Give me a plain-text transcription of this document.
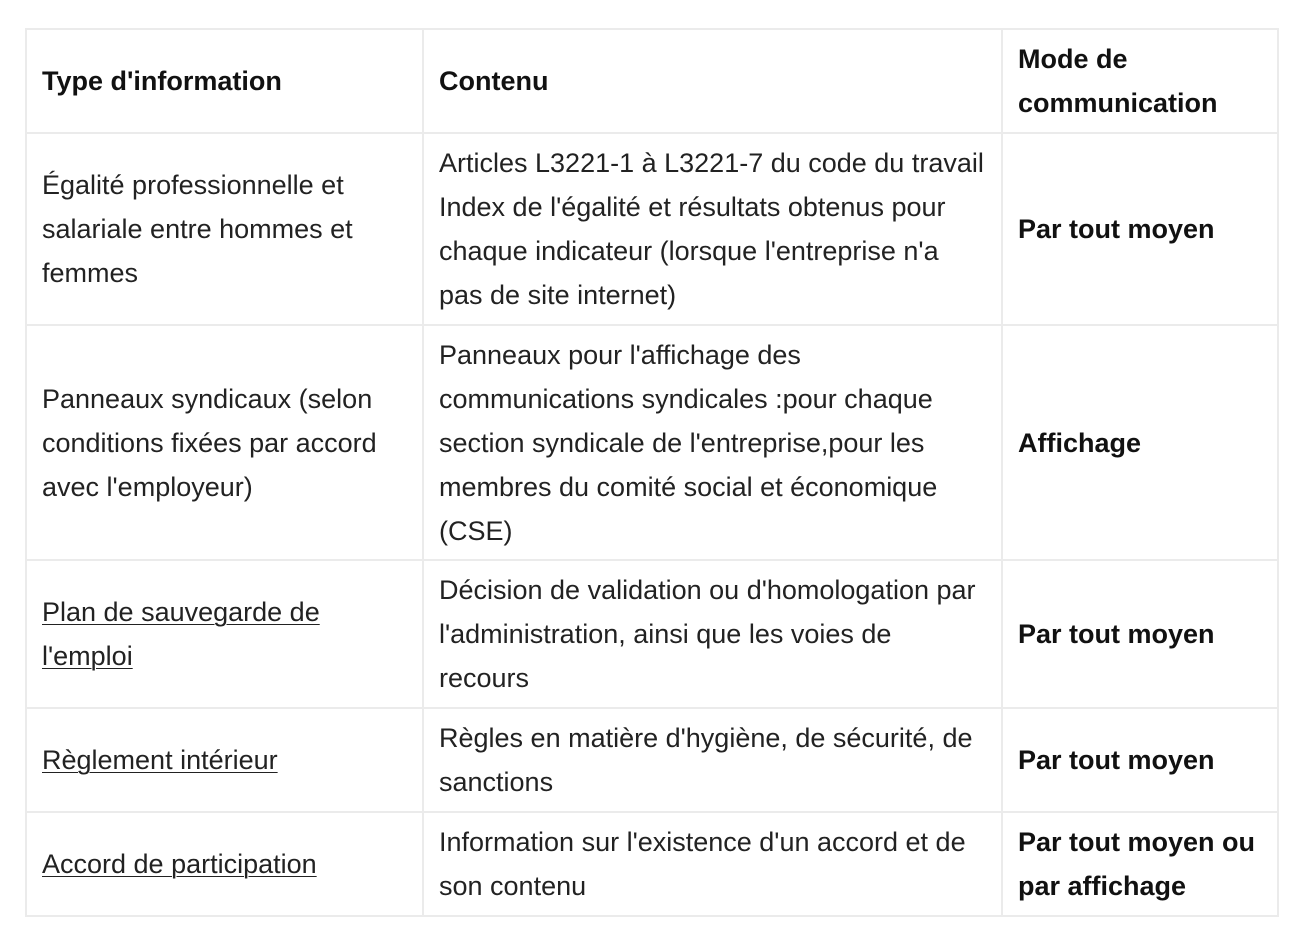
Type d'information	Contenu	Mode de communication
Égalité professionnelle et salariale entre hommes et femmes	Articles L3221-1 à L3221-7 du code du travail Index de l'égalité et résultats obtenus pour chaque indicateur (lorsque l'entreprise n'a pas de site internet)	Par tout moyen
Panneaux syndicaux (selon conditions fixées par accord avec l'employeur)	Panneaux pour l'affichage des communications syndicales :pour chaque section syndicale de l'entreprise,pour les membres du comité social et économique (CSE)	Affichage
Plan de sauvegarde de l'emploi	Décision de validation ou d'homologation par l'administration, ainsi que les voies de recours	Par tout moyen
Règlement intérieur	Règles en matière d'hygiène, de sécurité, de sanctions	Par tout moyen
Accord de participation	Information sur l'existence d'un accord et de son contenu	Par tout moyen ou par affichage
